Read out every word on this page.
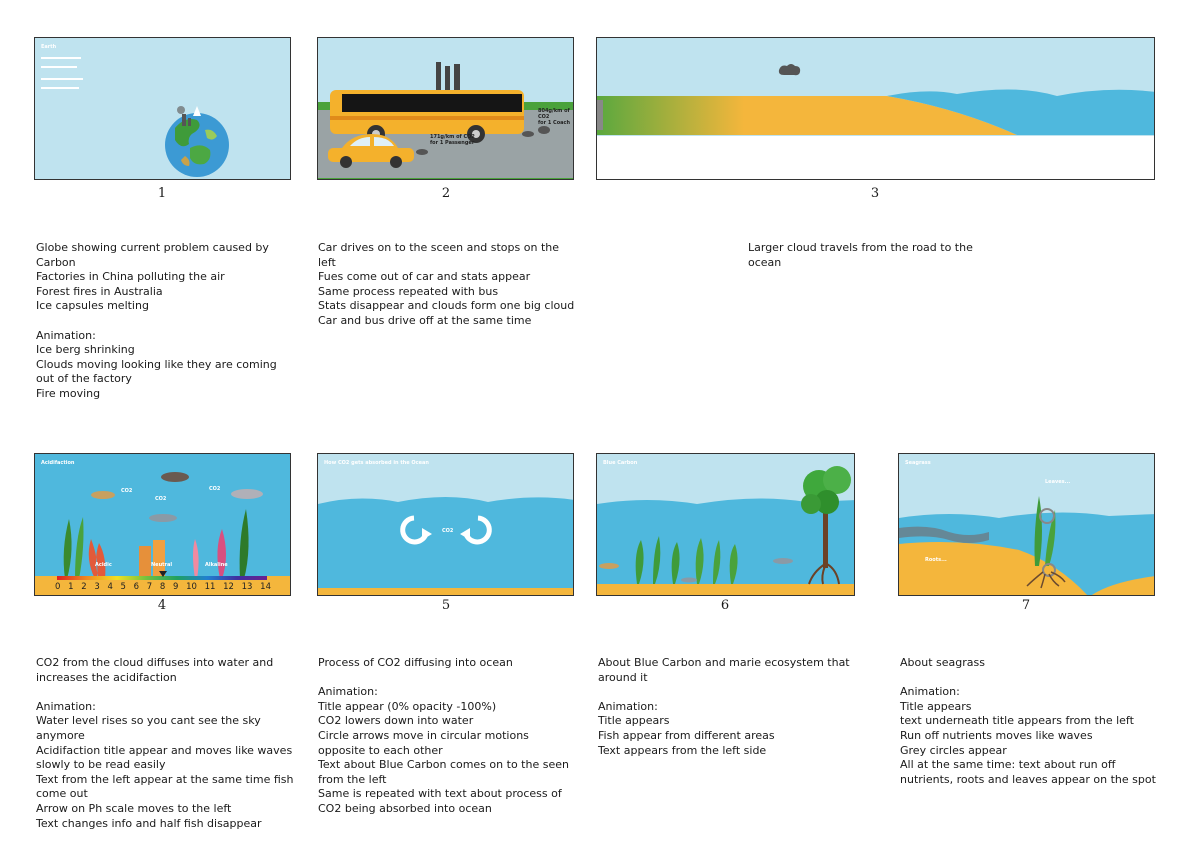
Earth

1
Globe showing current problem caused by Carbon
Factories in China polluting the air
Forest fires in Australia
Ice capsules melting

Animation:
Ice berg shrinking
Clouds moving looking like they are coming out of the factory
Fire moving
804g/km of CO2
for 1 Coach
171g/km of CO2
for 1 Passenger
2
Car drives on to the sceen and stops on the left
Fues come out of car and stats appear
Same process repeated with bus
Stats disappear and clouds form one big cloud
Car and bus drive off at the same time
3
Larger cloud travels from the road to the ocean
Acidifaction
CO2
CO2
CO2
Acidic	Neutral	Alkaline
0 1 2 3 4 5 6 7 8 9 10 11 12 13 14
4
CO2 from the cloud diffuses into water and increases the acidifaction

Animation:
Water level rises so you cant see the sky anymore
Acidifaction title appear and moves like waves slowly to be read easily
Text from the left appear at the same time fish come out
Arrow on Ph scale moves to the left
Text changes info and half fish disappear
How CO2 gets absorbed in the Ocean
CO2
5
Process of CO2 diffusing into ocean

Animation:
Title appear (0% opacity -100%)
CO2 lowers down into water
Circle arrows move in circular motions opposite to each other
Text about Blue Carbon comes on to the seen from the left
Same is repeated with text about process of CO2 being absorbed into ocean
Blue Carbon
6
About Blue Carbon and marie ecosystem that around it

Animation:
Title appears
Fish appear from different areas
Text appears from the left side
Seagrass
Leaves...
Roots...
7
About seagrass

Animation:
Title appears
text underneath title appears from the left
Run off nutrients moves like waves
Grey circles appear
All at the same time: text about run off nutrients, roots and leaves appear on the spot
